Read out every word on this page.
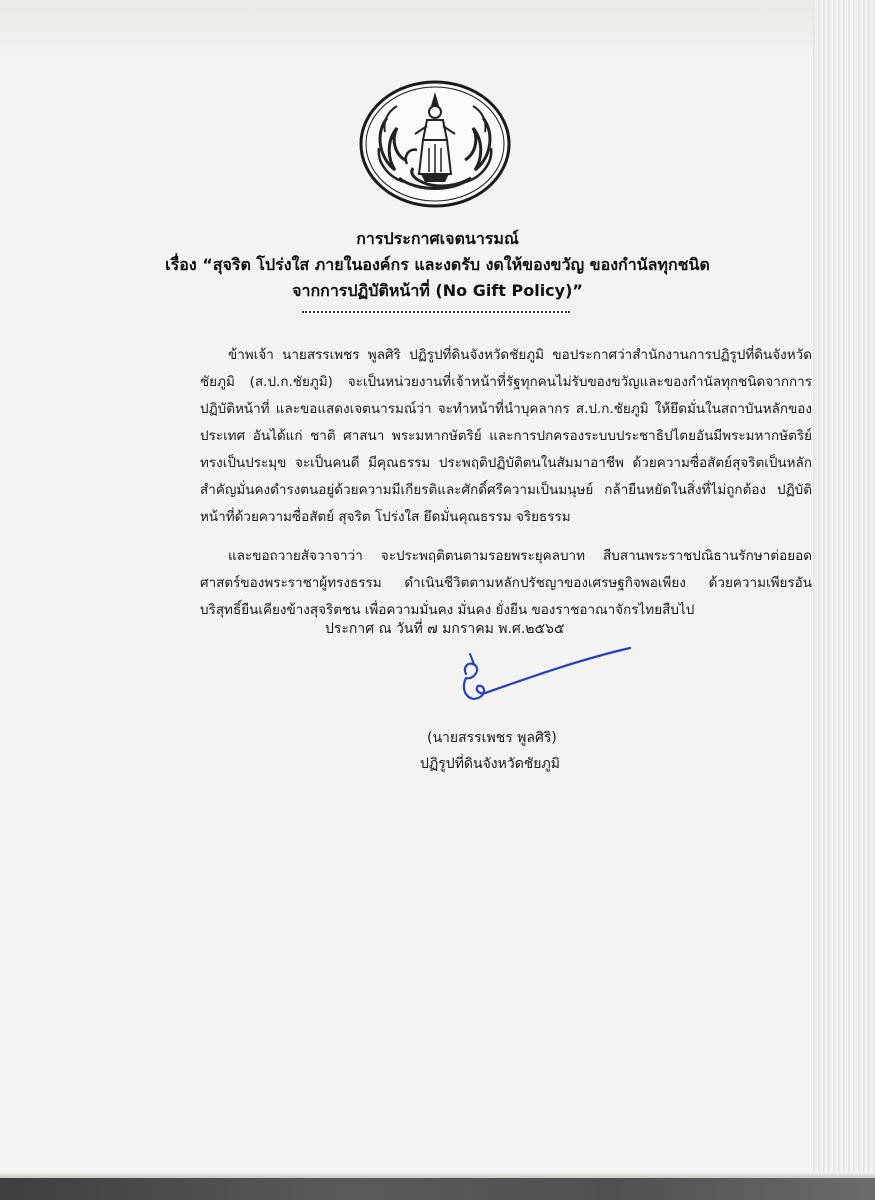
การประกาศเจตนารมณ์
เรื่อง “สุจริต โปร่งใส ภายในองค์กร และงดรับ งดให้ของขวัญ ของกำนัลทุกชนิด
จากการปฏิบัติหน้าที่ (No Gift Policy)”

ข้าพเจ้า นายสรรเพชร พูลศิริ ปฏิรูปที่ดินจังหวัดชัยภูมิ ขอประกาศว่าสำนักงานการปฏิรูปที่ดินจังหวัดชัยภูมิ (ส.ป.ก.ชัยภูมิ) จะเป็นหน่วยงานที่เจ้าหน้าที่รัฐทุกคนไม่รับของขวัญและของกำนัลทุกชนิดจากการปฏิบัติหน้าที่ และขอแสดงเจตนารมณ์ว่า จะทำหน้าที่นำบุคลากร ส.ป.ก.ชัยภูมิ ให้ยึดมั่นในสถาบันหลักของประเทศ อันได้แก่ ชาติ ศาสนา พระมหากษัตริย์ และการปกครองระบบประชาธิปไตยอันมีพระมหากษัตริย์ทรงเป็นประมุข จะเป็นคนดี มีคุณธรรม ประพฤติปฏิบัติตนในสัมมาอาชีพ ด้วยความซื่อสัตย์สุจริตเป็นหลักสำคัญมั่นคงดำรงตนอยู่ด้วยความมีเกียรติและศักดิ์ศรีความเป็นมนุษย์ กล้ายืนหยัดในสิ่งที่ไม่ถูกต้อง ปฏิบัติหน้าที่ด้วยความซื่อสัตย์ สุจริต โปร่งใส ยึดมั่นคุณธรรม จริยธรรม

และขอถวายสัจวาจาว่า จะประพฤติตนตามรอยพระยุคลบาท สืบสานพระราชปณิธานรักษาต่อยอดศาสตร์ของพระราชาผู้ทรงธรรม ดำเนินชีวิตตามหลักปรัชญาของเศรษฐกิจพอเพียง ด้วยความเพียรอันบริสุทธิ์ยืนเคียงข้างสุจริตชน เพื่อความมั่นคง มั่นคง ยั่งยืน ของราชอาณาจักรไทยสืบไป

ประกาศ ณ วันที่ ๗ มกราคม พ.ศ.๒๕๖๕
(นายสรรเพชร พูลศิริ)
ปฏิรูปที่ดินจังหวัดชัยภูมิ
